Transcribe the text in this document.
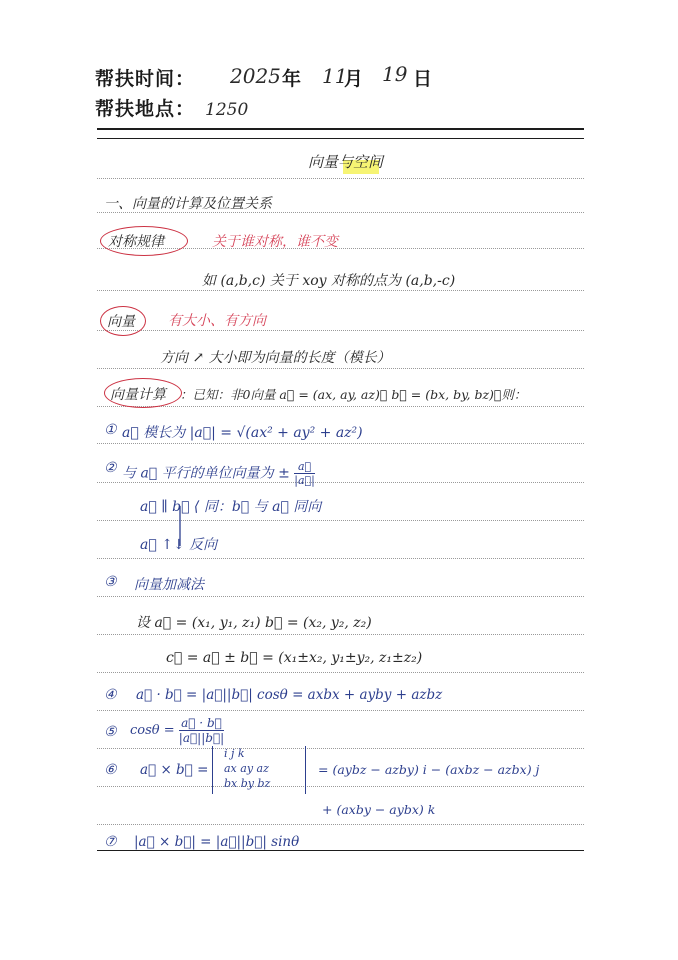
帮扶时间： 2025 年 11
月 19 日
帮扶地点： 1250
向量与空间
一、向量的计算及位置关系
对称规律	关于谁对称，谁不变
如 (a,b,c) 关于 xoy 对称的点为 (a,b,-c)
向量 有大小、有方向
方向 ↗ 大小即为向量的长度（模长）
向量计算 ：已知：非0向量 a⃗ = (ax, ay, az)， b⃗ = (bx, by, bz)，则：
① a⃗ 模长为 |a⃗| = √(ax² + ay² + az²)
② 与 a⃗ 平行的单位向量为 ± $\frac{a⃗}{|a⃗|}$
a⃗ ∥ b⃗ ⟨ 同：b⃗ 与 a⃗ 同向
a⃗ ↑↓ 反向
③ 向量加减法
设 a⃗ = (x₁, y₁, z₁) b⃗ = (x₂, y₂, z₂)
c⃗ = a⃗ ± b⃗ = (x₁±x₂, y₁±y₂, z₁±z₂)
④ a⃗ · b⃗ = |a⃗||b⃗| cosθ = axbx + ayby + azbz
⑤ $\cos\theta = \frac{a⃗ \cdot b⃗}{|a⃗||b⃗|}$
⑥ a⃗ × b⃗ =
i j k
ax ay az
bx by bz
= (aybz − azby) i − (axbz − azbx) j
+ (axby − aybx) k
⑦ |a⃗ × b⃗| = |a⃗||b⃗| sinθ
